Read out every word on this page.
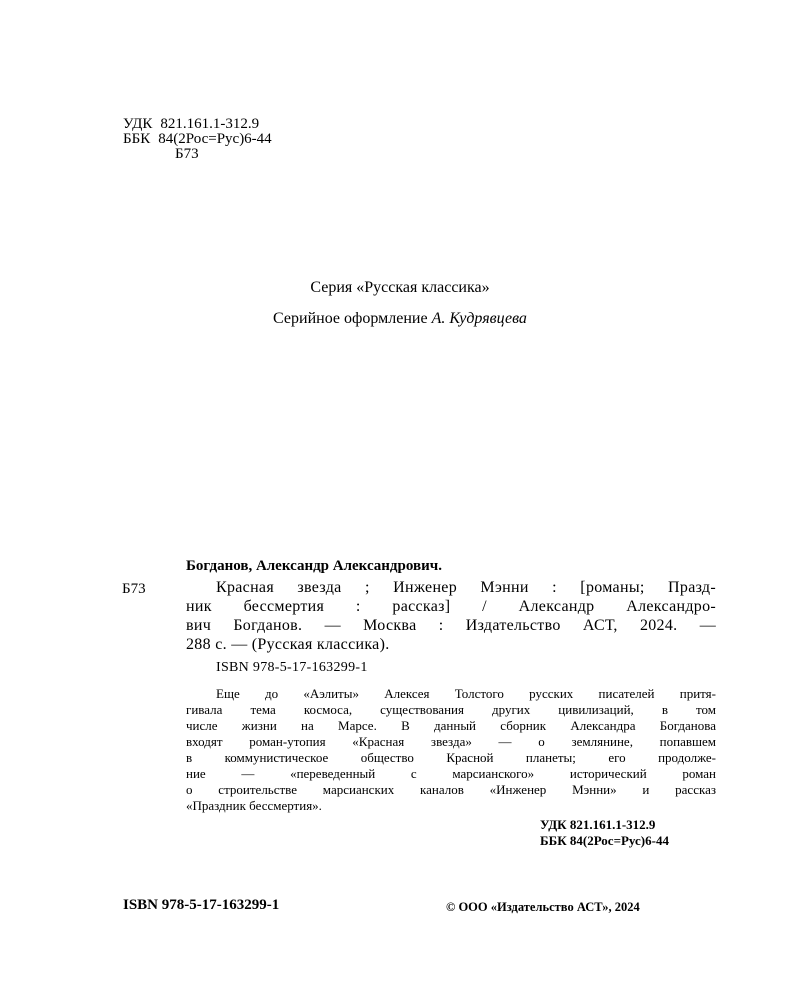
УДК 821.161.1-312.9
ББК 84(2Рос=Рус)6-44
Б73
Серия «Русская классика»
Серийное оформление А. Кудрявцева
Богданов, Александр Александрович.
Б73	Красная звезда ; Инженер Мэнни : [романы; Празд-
ник бессмертия : рассказ] / Александр Александро-
вич Богданов. — Москва : Издательство АСТ, 2024. —
288 с. — (Русская классика).
ISBN 978-5-17-163299-1
Еще до «Аэлиты» Алексея Толстого русских писателей притя-
гивала тема космоса, существования других цивилизаций, в том
числе жизни на Марсе. В данный сборник Александра Богданова
входят роман-утопия «Красная звезда» — о землянине, попавшем
в коммунистическое общество Красной планеты; его продолже-
ние — «переведенный с марсианского» исторический роман
о строительстве марсианских каналов «Инженер Мэнни» и рассказ
«Праздник бессмертия».
УДК 821.161.1-312.9
ББК 84(2Рос=Рус)6-44
ISBN 978-5-17-163299-1	© ООО «Издательство АСТ», 2024
